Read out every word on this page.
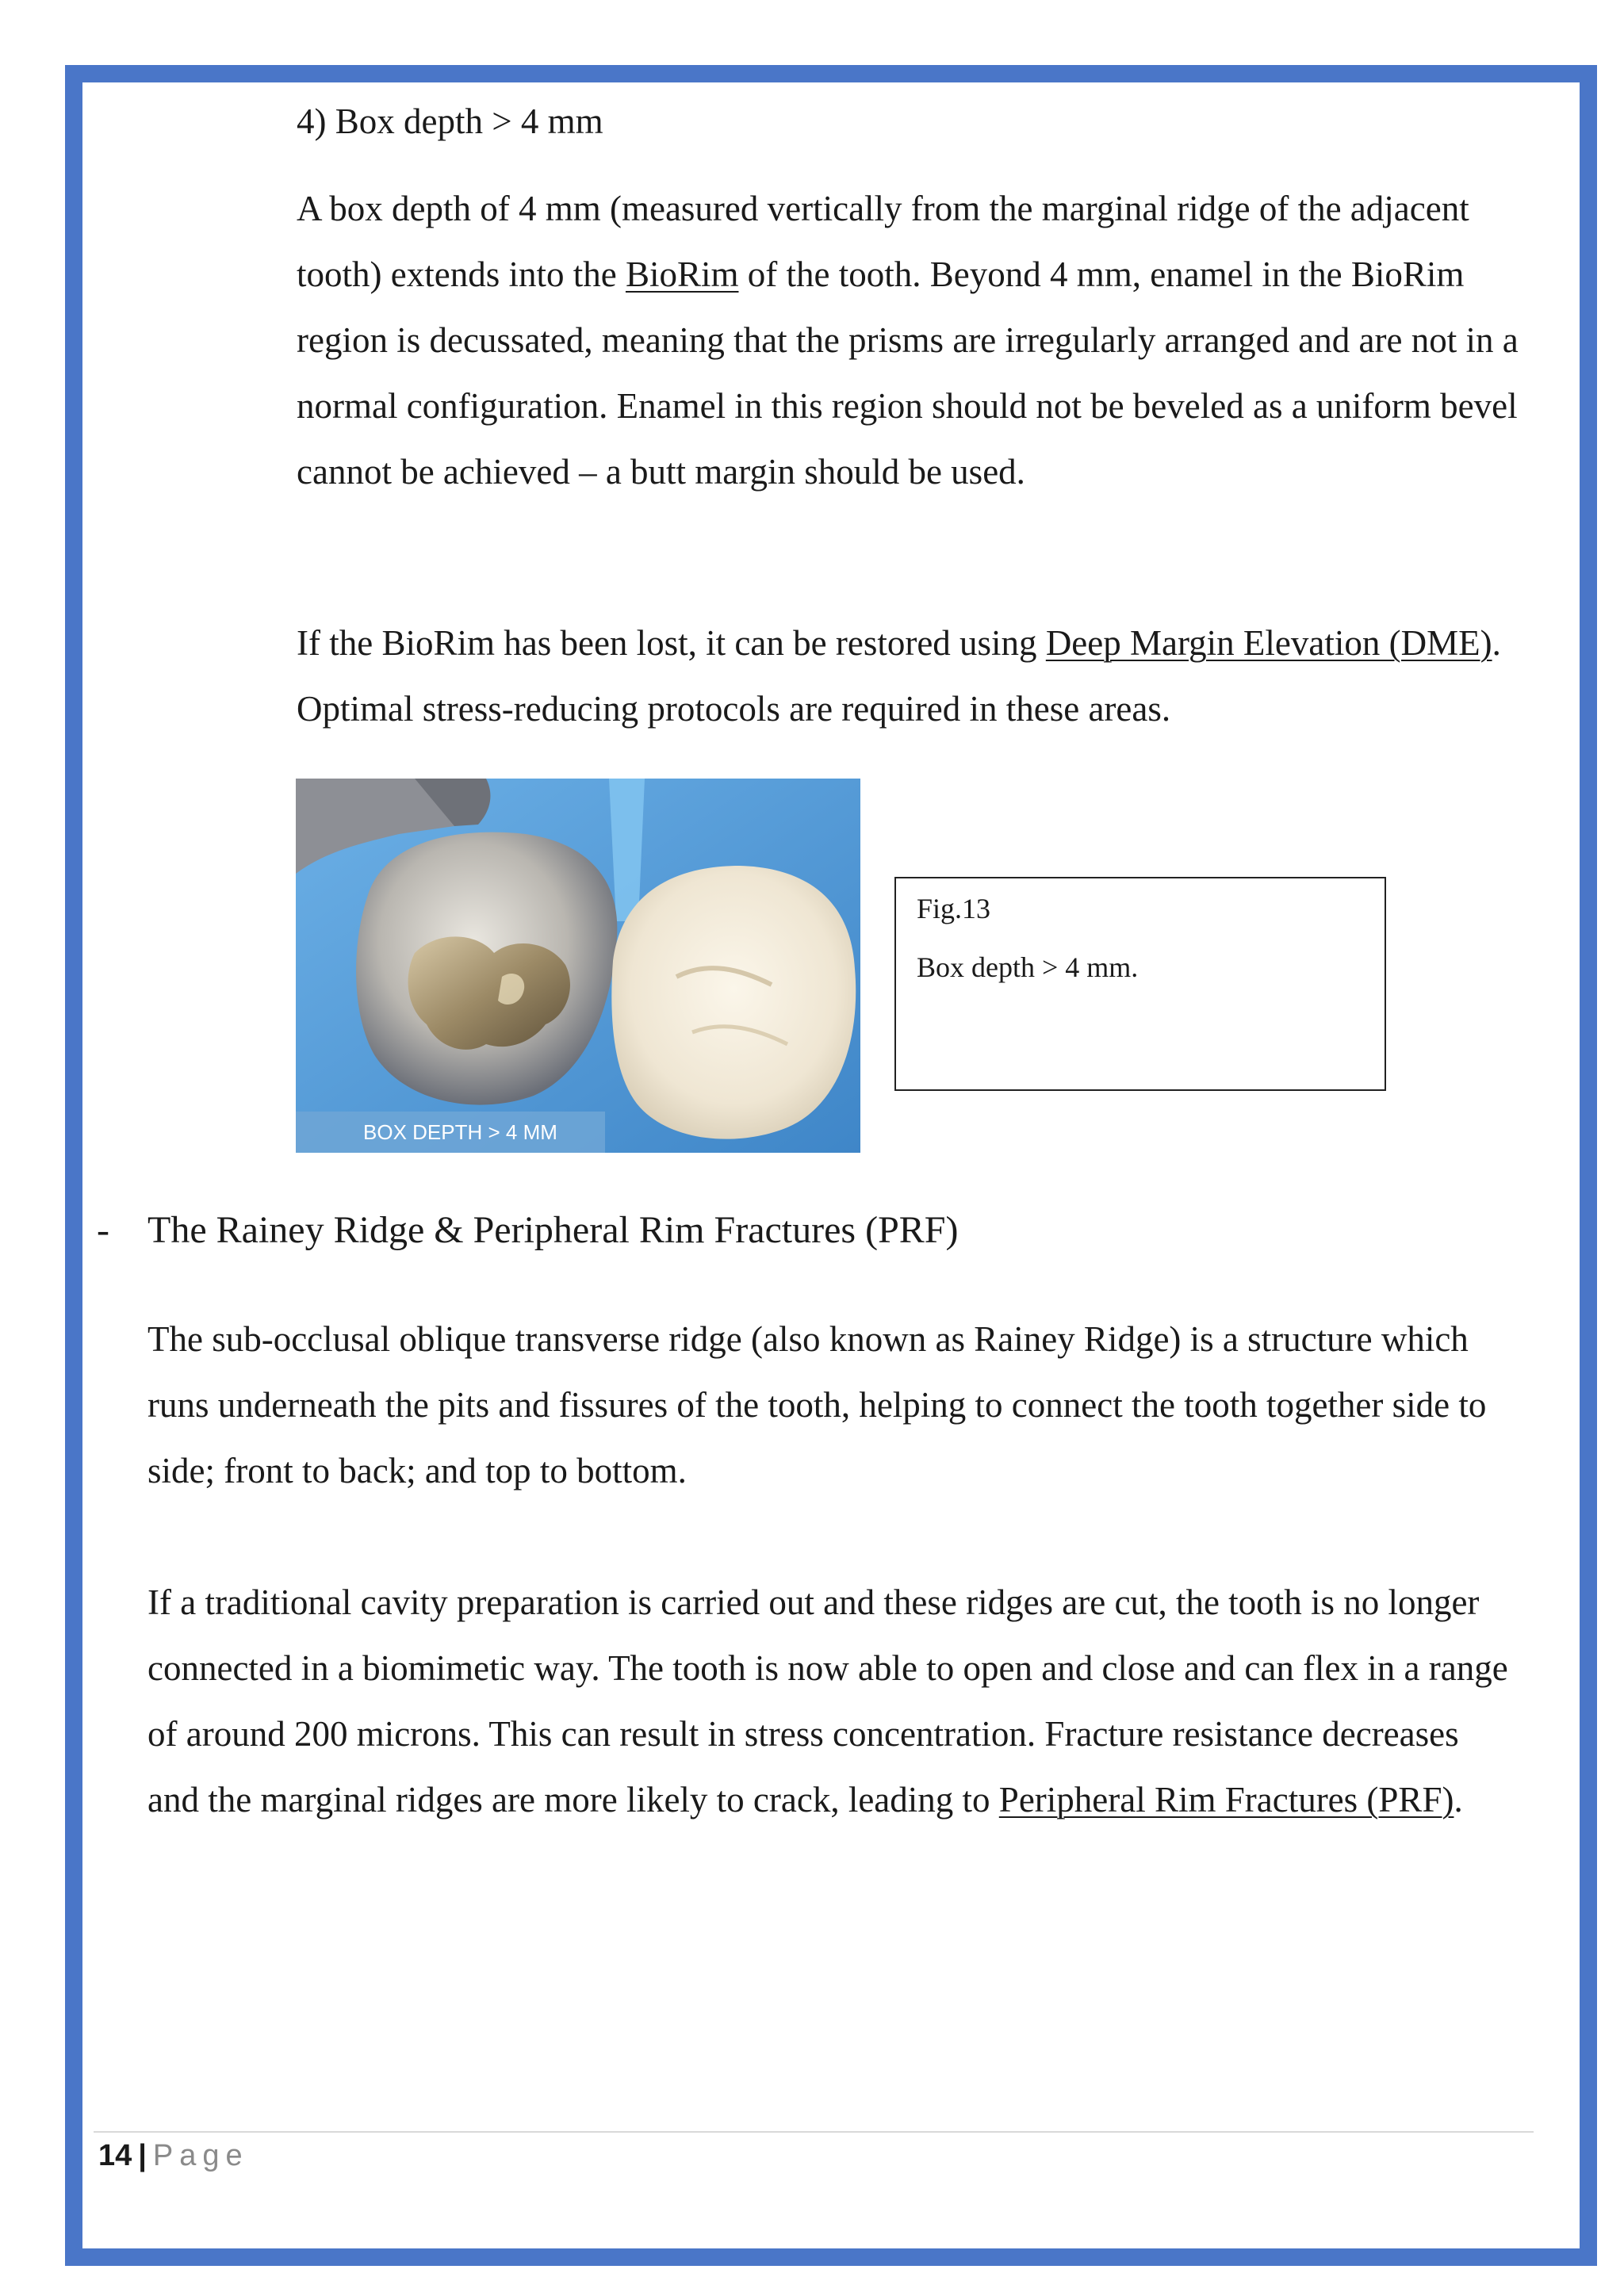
4) Box depth > 4 mm

A box depth of 4 mm (measured vertically from the marginal ridge of the adjacent tooth) extends into the BioRim of the tooth. Beyond 4 mm, enamel in the BioRim region is decussated, meaning that the prisms are irregularly arranged and are not in a normal configuration. Enamel in this region should not be beveled as a uniform bevel cannot be achieved – a butt margin should be used.

If the BioRim has been lost, it can be restored using Deep Margin Elevation (DME). Optimal stress-reducing protocols are required in these areas.

BOX DEPTH > 4 MM

Fig.13

Box depth > 4 mm.

- The Rainey Ridge & Peripheral Rim Fractures (PRF)

The sub-occlusal oblique transverse ridge (also known as Rainey Ridge) is a structure which runs underneath the pits and fissures of the tooth, helping to connect the tooth together side to side; front to back; and top to bottom.

If a traditional cavity preparation is carried out and these ridges are cut, the tooth is no longer connected in a biomimetic way. The tooth is now able to open and close and can flex in a range of around 200 microns. This can result in stress concentration. Fracture resistance decreases and the marginal ridges are more likely to crack, leading to Peripheral Rim Fractures (PRF).

14 | Page
